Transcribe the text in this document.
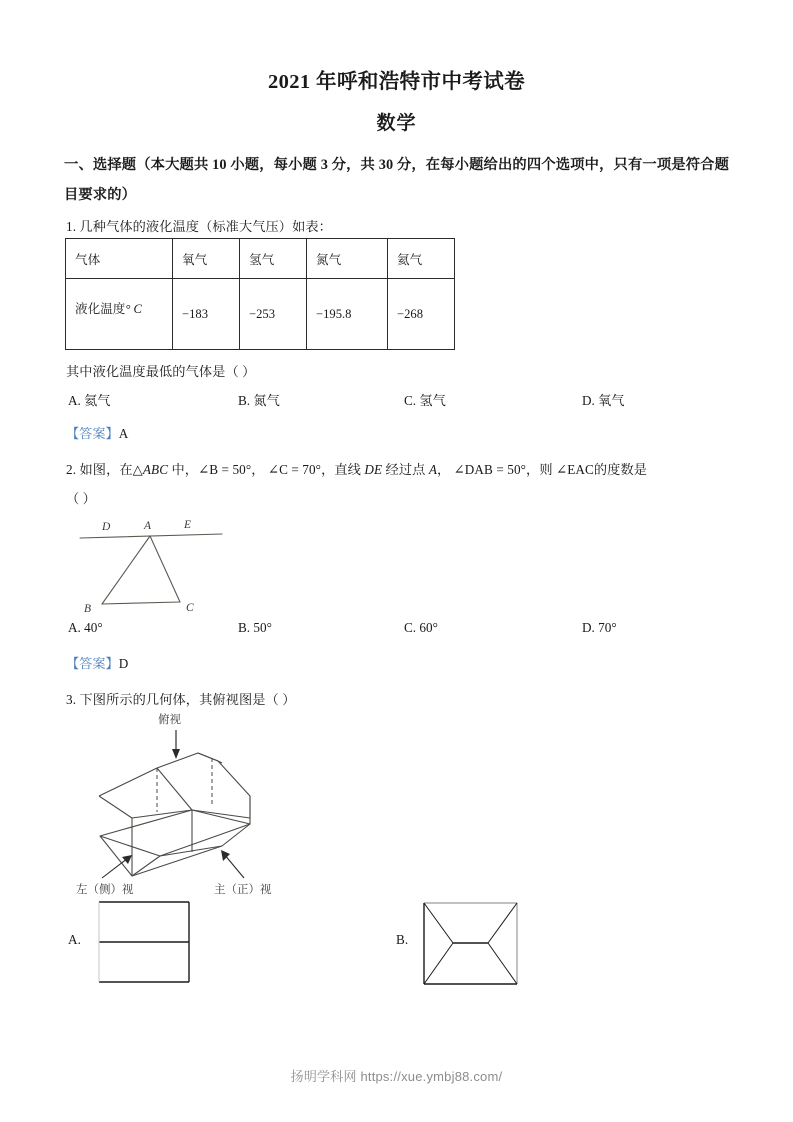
2021 年呼和浩特市中考试卷
数学
一、选择题（本大题共 10 小题，每小题 3 分，共 30 分，在每小题给出的四个选项中，只有一项是符合题目要求的）
1. 几种气体的液化温度（标准大气压）如表：
气体	氧气	氢气	氮气	氦气
液化温度° C	−183	−253	−195.8	−268
其中液化温度最低的气体是（ ）
A. 氦气	B. 氮气	C. 氢气	D. 氧气
【答案】A
2. 如图，在△ABC 中，∠B = 50°， ∠C = 70°，直线 DE 经过点 A， ∠DAB = 50°，则 ∠EAC的度数是
（ ）
D	A	E
B	C
A. 40°	B. 50°	C. 60°	D. 70°
【答案】D
3. 下图所示的几何体，其俯视图是（ ）
俯视
左（侧）视	主（正）视
A.	B.
扬明学科网 https://xue.ymbj88.com/
